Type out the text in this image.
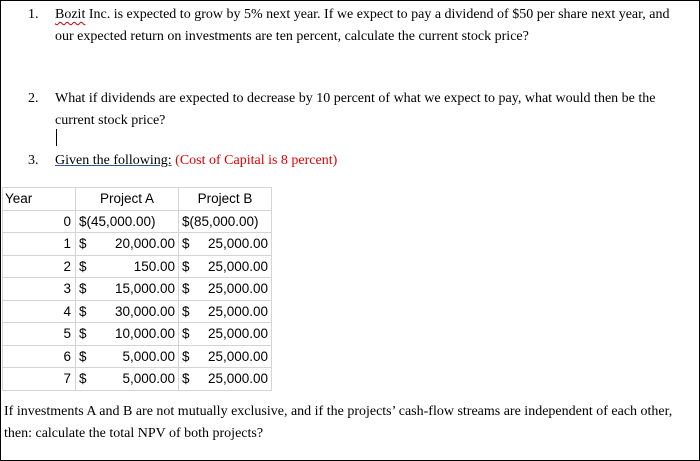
1. Bozit Inc. is expected to grow by 5% next year. If we expect to pay a dividend of $50 per share next year, and our expected return on investments are ten percent, calculate the current stock price?
2. What if dividends are expected to decrease by 10 percent of what we expect to pay, what would then be the current stock price?
3. Given the following: (Cost of Capital is 8 percent)
Year	Project A	Project B
0	$(45,000.00)	$(85,000.00)

1	$ 20,000.00	$ 25,000.00

2	$ 150.00	$ 25,000.00

3	$ 15,000.00	$ 25,000.00

4	$ 30,000.00	$ 25,000.00

5	$ 10,000.00	$ 25,000.00

6	$ 5,000.00	$ 25,000.00

7	$ 5,000.00	$ 25,000.00
If investments A and B are not mutually exclusive, and if the projects’ cash-flow streams are independent of each other, then: calculate the total NPV of both projects?
